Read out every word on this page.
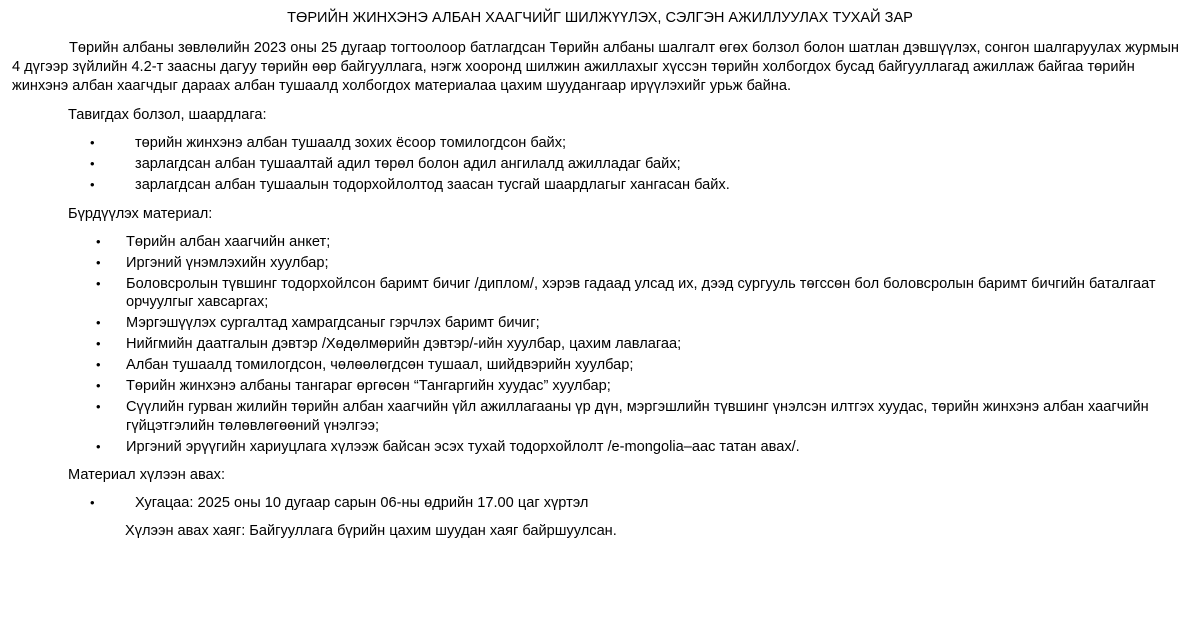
ТӨРИЙН ЖИНХЭНЭ АЛБАН ХААГЧИЙГ ШИЛЖҮҮЛЭХ, СЭЛГЭН АЖИЛЛУУЛАХ ТУХАЙ ЗАР

Төрийн албаны зөвлөлийн 2023 оны 25 дугаар тогтоолоор батлагдсан Төрийн албаны шалгалт өгөх болзол болон шатлан дэвшүүлэх, сонгон шалгаруулах журмын 4 дүгээр зүйлийн 4.2-т заасны дагуу төрийн өөр байгууллага, нэгж хооронд шилжин ажиллахыг хүссэн төрийн холбогдох бусад байгууллагад ажиллаж байгаа төрийн жинхэнэ албан хаагчдыг дараах албан тушаалд холбогдох материалаа цахим шуудангаар ирүүлэхийг урьж байна.

Тавигдах болзол, шаардлага:
•	төрийн жинхэнэ албан тушаалд зохих ёсоор томилогдсон байх;
•	зарлагдсан албан тушаалтай адил төрөл болон адил ангилалд ажилладаг байх;
•	зарлагдсан албан тушаалын тодорхойлолтод заасан тусгай шаардлагыг хангасан байх.
Бүрдүүлэх материал:
• Төрийн албан хаагчийн анкет;
• Иргэний үнэмлэхийн хуулбар;
• Боловсролын түвшинг тодорхойлсон баримт бичиг /диплом/, хэрэв гадаад улсад их, дээд сургууль төгссөн бол боловсролын баримт бичгийн баталгаат орчуулгыг хавсаргах;
• Мэргэшүүлэх сургалтад хамрагдсаныг гэрчлэх баримт бичиг;
• Нийгмийн даатгалын дэвтэр /Хөдөлмөрийн дэвтэр/-ийн хуулбар, цахим лавлагаа;
• Албан тушаалд томилогдсон, чөлөөлөгдсөн тушаал, шийдвэрийн хуулбар;
• Төрийн жинхэнэ албаны тангараг өргөсөн “Тангаргийн хуудас” хуулбар;
• Сүүлийн гурван жилийн төрийн албан хаагчийн үйл ажиллагааны үр дүн, мэргэшлийн түвшинг үнэлсэн илтгэх хуудас, төрийн жинхэнэ албан хаагчийн гүйцэтгэлийн төлөвлөгөөний үнэлгээ;
• Иргэний эрүүгийн хариуцлага хүлээж байсан эсэх тухай тодорхойлолт /e-mongolia–аас татан авах/.
Материал хүлээн авах:
•	Хугацаа: 2025 оны 10 дугаар сарын 06-ны өдрийн 17.00 цаг хүртэл
Хүлээн авах хаяг: Байгууллага бүрийн цахим шуудан хаяг байршуулсан.
